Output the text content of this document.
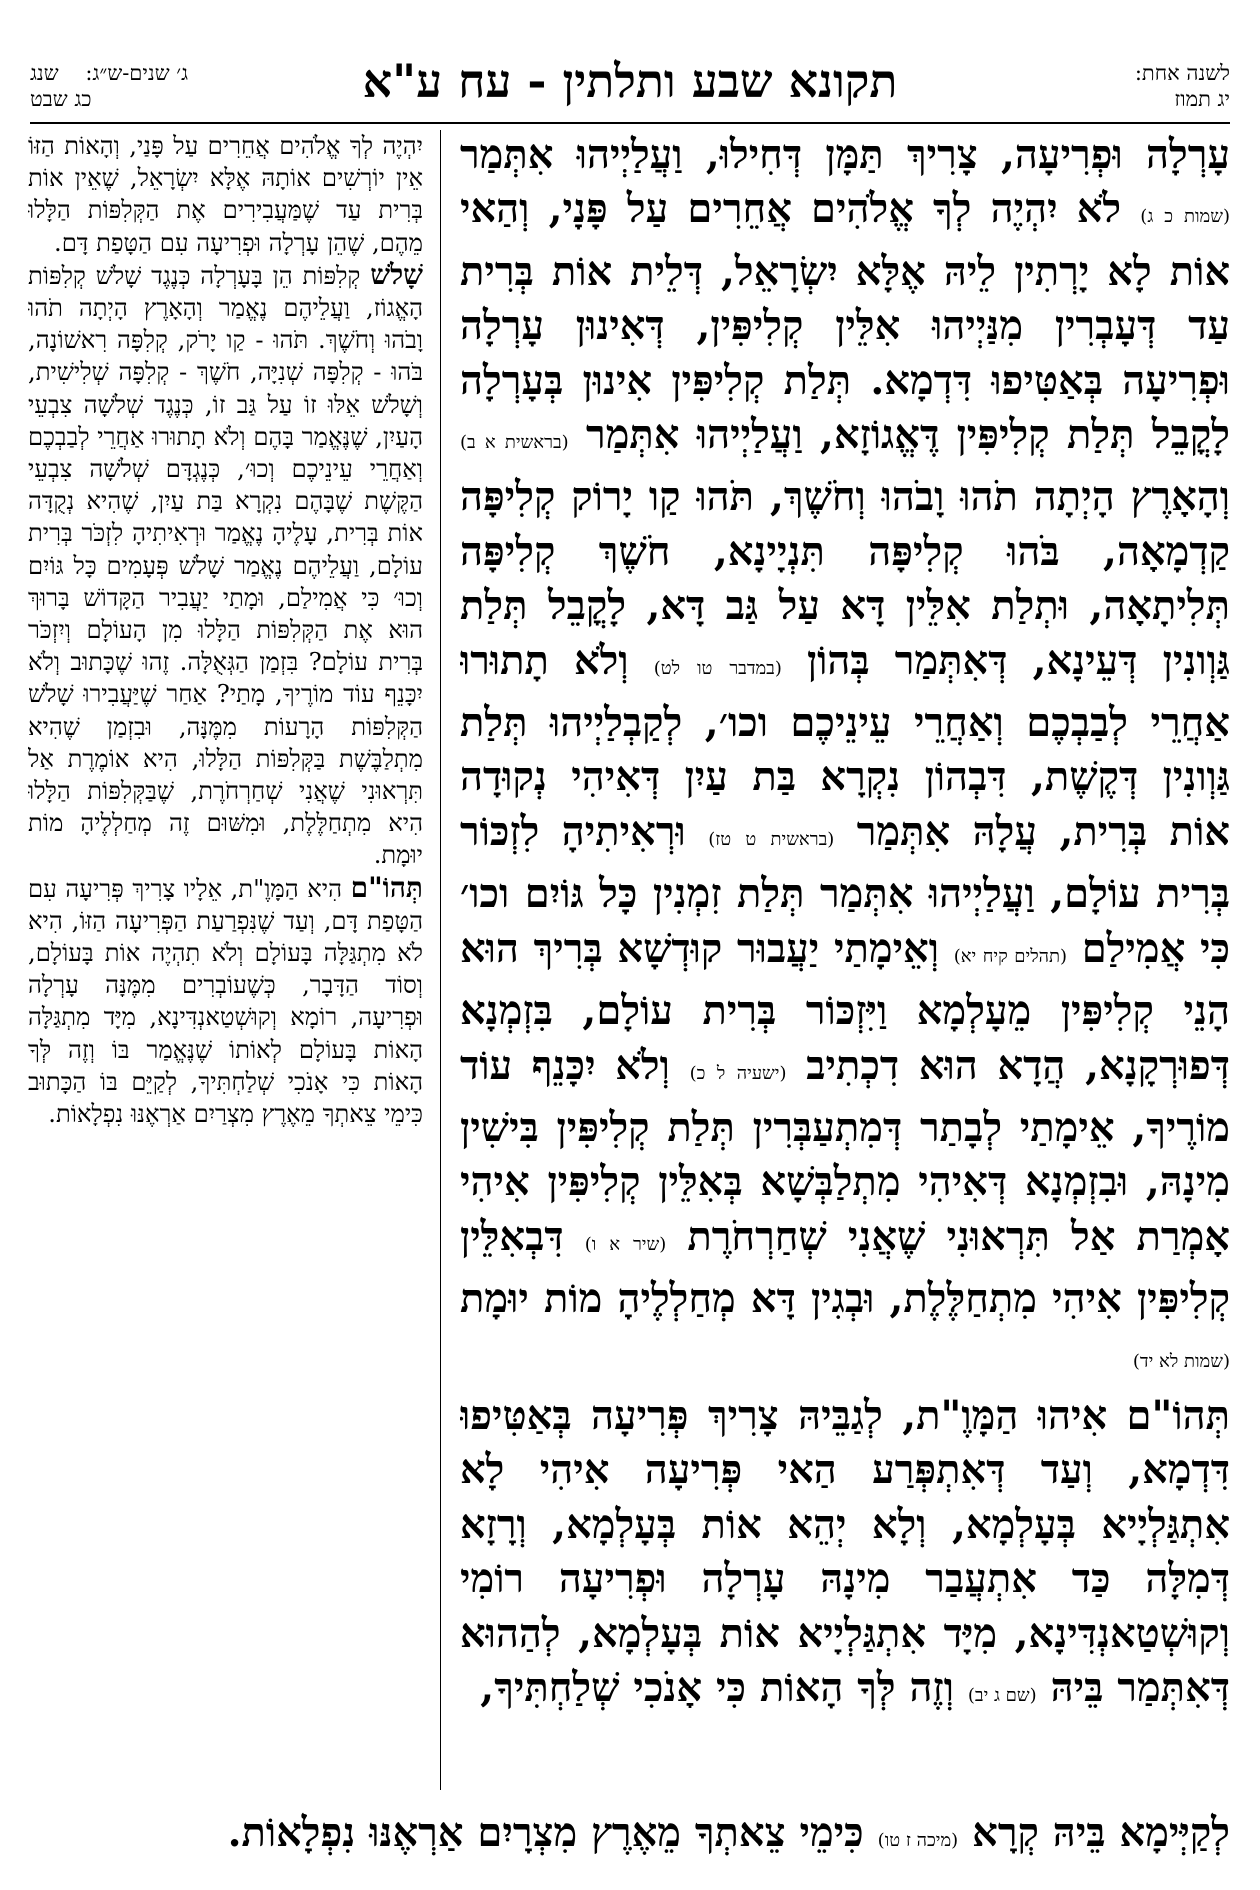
לשנה אחת:
יג תמוז
תקונא שבע ותלתין - עח ע"א
ג׳ שנים-ש״ג:    שנג
כג שבט

עָרְלָה וּפְרִיעָה, צָרִיךְ תַּמָּן דְּחִילוּ, וַעֲלַיְיהוּ אִתְּמַר (שמות כ ג) לֹא יִהְיֶה לְךָ אֱלֹהִים אֲחֵרִים עַל פָּנָי, וְהַאי אוֹת לָא יָרְתִין לֵיהּ אֶלָּא יִשְׂרָאֵל, דְּלֵית אוֹת בְּרִית עַד דְּעָבְרִין מִנַּיְיהוּ אִלֵּין קְלִיפִּין, דְּאִינוּן עָרְלָה וּפְרִיעָה בְּאַטִּיפוּ דִּדְמָא. תְּלַת קְלִיפִּין אִינוּן בְּעָרְלָה לָקֳבֵל תְּלַת קְלִיפִּין דֶּאֱגוֹזָא, וַעֲלַיְיהוּ אִתְּמַר (בראשית א ב) וְהָאָרֶץ הָיְתָה תֹהוּ וָבֹהוּ וְחֹשֶׁךְ, תֹּהוּ קַו יָרוֹק קְלִיפָּה קַדְמָאָה, בֹּהוּ קְלִיפָּה תִּנְיָינָא, חֹשֶׁךְ קְלִיפָּה תְּלִיתָאָה, וּתְלַת אִלֵּין דָּא עַל גַּב דָּא, לָקֳבֵל תְּלַת גַּוְונִין דְּעֵינָא, דְּאִתְּמַר בְּהוֹן (במדבר טו לט) וְלֹא תָתוּרוּ אַחֲרֵי לְבַבְכֶם וְאַחֲרֵי עֵינֵיכֶם וכו׳, לְקַבְלַיְיהוּ תְּלַת גַּוְונִין דְּקֶשֶׁת, דִּבְהוֹן נִקְרָא בַּת עַיִן דְּאִיהִי נְקוּדָה אוֹת בְּרִית, עֲלָהּ אִתְּמַר (בראשית ט טז) וּרְאִיתִיהָ לִזְכּוֹר בְּרִית עוֹלָם, וַעֲלַיְיהוּ אִתְּמַר תְּלַת זִמְנִין כָּל גּוֹיִם וכו׳ כִּי אֲמִילַם (תהלים קיח יא) וְאֵימָתַי יַעֲבוּר קוּדְשָׁא בְּרִיךְ הוּא הָנֵי קְלִיפִּין מֵעָלְמָא וַיִּזְכּוֹר בְּרִית עוֹלָם, בִּזְמְנָא דְּפוּרְקָנָא, הֲדָא הוּא דִכְתִיב (ישעיה ל כ) וְלֹא יִכָּנֵף עוֹד מוֹרֶיךָ, אֵימָתַי לְבָתַר דְּמִתְעַבְּרִין תְּלַת קְלִיפִּין בִּישִׁין מִינָהּ, וּבִזְמְנָא דְּאִיהִי מִתְלַבְּשָׁא בְּאִלֵּין קְלִיפִּין אִיהִי אָמְרַת אַל תִּרְאוּנִי שֶׁאֲנִי שְׁחַרְחֹרֶת (שיר א ו) דִּבְאִלֵּין קְלִיפִּין אִיהִי מִתְחַלֶּלֶת, וּבְגִין דָּא מְחַלְלֶיהָ מוֹת יוּמָת (שמות לא יד)

תְּהוֹ"ם אִיהוּ הַמָּוֶ"ת, לְגַבֵּיהּ צָרִיךְ פְּרִיעָה בְּאַטִּיפוּ דִּדְמָא, וְעַד דְּאִתְפְּרַע הַאי פְּרִיעָה אִיהִי לָא אִתְגַּלְיָיא בְּעָלְמָא, וְלָא יְהֵא אוֹת בְּעָלְמָא, וְרָזָא דְּמִלָּה כַּד אִתְעֲבַר מִינָהּ עָרְלָה וּפְרִיעָה רוֹמִי וְקוּשְׁטַאנְדִּינָא, מִיָּד אִתְגַּלְיָיא אוֹת בְּעָלְמָא, לְהַהוּא דְּאִתְּמַר בֵּיהּ (שם ג יב) וְזֶה לְּךָ הָאוֹת כִּי אָנֹכִי שְׁלַחְתִּיךָ,

יִהְיֶה לְךָ אֱלֹהִים אֲחֵרִים עַל פָּנַי, וְהָאוֹת הַזּוֹ אֵין יוֹרְשִׁים אוֹתָהּ אֶלָּא יִשְׂרָאֵל, שֶׁאֵין אוֹת בְּרִית עַד שֶׁמַּעֲבִירִים אֶת הַקְּלִפּוֹת הַלָּלוּ מֵהֶם, שֶׁהֵן עָרְלָה וּפְרִיעָה עִם הַטָּפַת דָּם.

שָׁלֹשׁ קְלִפּוֹת הֵן בָּעָרְלָה כְּנֶגֶד שָׁלֹשׁ קְלִפּוֹת הָאֱגוֹז, וַעֲלֵיהֶם נֶאֱמַר וְהָאָרֶץ הָיְתָה תֹהוּ וָבֹהוּ וְחֹשֶׁךְ. תֹּהוּ - קַו יָרֹק, קְלִפָּה רִאשׁוֹנָה, בֹּהוּ - קְלִפָּה שְׁנִיָּה, חֹשֶׁךְ - קְלִפָּה שְׁלִישִׁית, וְשָׁלֹשׁ אֵלּוּ זוֹ עַל גַּב זוֹ, כְּנֶגֶד שְׁלֹשָׁה צִבְעֵי הָעַיִן, שֶׁנֶּאֱמַר בָּהֶם וְלֹא תָתוּרוּ אַחֲרֵי לְבַבְכֶם וְאַחֲרֵי עֵינֵיכֶם וְכוּ׳, כְּנֶגְדָּם שְׁלֹשָׁה צִבְעֵי הַקֶּשֶׁת שֶׁבָּהֶם נִקְרָא בַּת עַיִן, שֶׁהִיא נְקֻדָּה אוֹת בְּרִית, עָלֶיהָ נֶאֱמַר וּרְאִיתִיהָ לִזְכֹּר בְּרִית עוֹלָם, וַעֲלֵיהֶם נֶאֱמַר שָׁלֹשׁ פְּעָמִים כָּל גּוֹיִם וְכוּ׳ כִּי אֲמִילַם, וּמָתַי יַעֲבִיר הַקָּדוֹשׁ בָּרוּךְ הוּא אֶת הַקְּלִפּוֹת הַלָּלוּ מִן הָעוֹלָם וְיִזְכֹּר בְּרִית עוֹלָם? בִּזְמַן הַגְּאֻלָּה. זֶהוּ שֶׁכָּתוּב וְלֹא יִכָּנֵף עוֹד מוֹרֶיךָ, מָתַי? אַחַר שֶׁיַּעֲבִירוּ שָׁלֹשׁ הַקְּלִפּוֹת הָרָעוֹת מִמֶּנָּה, וּבִזְמַן שֶׁהִיא מִתְלַבֶּשֶׁת בַּקְּלִפּוֹת הַלָּלוּ, הִיא אוֹמֶרֶת אַל תִּרְאוּנִי שֶׁאֲנִי שְׁחַרְחֹרֶת, שֶׁבַּקְּלִפּוֹת הַלָּלוּ הִיא מִתְחַלֶּלֶת, וּמִשּׁוּם זֶה מְחַלְלֶיהָ מוֹת יוּמָת.

תְּהוֹ"ם הִיא הַמָּוֶ"ת, אֵלָיו צָרִיךְ פְּרִיעָה עִם הַטָּפַת דָּם, וְעַד שֶׁנִּפְרַעַת הַפְּרִיעָה הַזּוֹ, הִיא לֹא מִתְגַּלָּה בָּעוֹלָם וְלֹא תִהְיֶה אוֹת בָּעוֹלָם, וְסוֹד הַדָּבָר, כְּשֶׁעוֹבְרִים מִמֶּנָּה עָרְלָה וּפְרִיעָה, רוֹמָא וְקוּשְׁטַאנְדִּינָא, מִיָּד מִתְגַּלָּה הָאוֹת בָּעוֹלָם לְאוֹתוֹ שֶׁנֶּאֱמַר בּוֹ וְזֶה לְּךָ הָאוֹת כִּי אָנֹכִי שְׁלַחְתִּיךָ, לְקַיֵּם בּוֹ הַכָּתוּב כִּימֵי צֵאתְךָ מֵאֶרֶץ מִצְרַיִם אַרְאֶנּוּ נִפְלָאוֹת.

לְקַיְּימָא בֵּיהּ קְרָא (מיכה ז טו) כִּימֵי צֵאתְךָ מֵאֶרֶץ מִצְרָיִם אַרְאֶנּוּ נִפְלָאוֹת.
